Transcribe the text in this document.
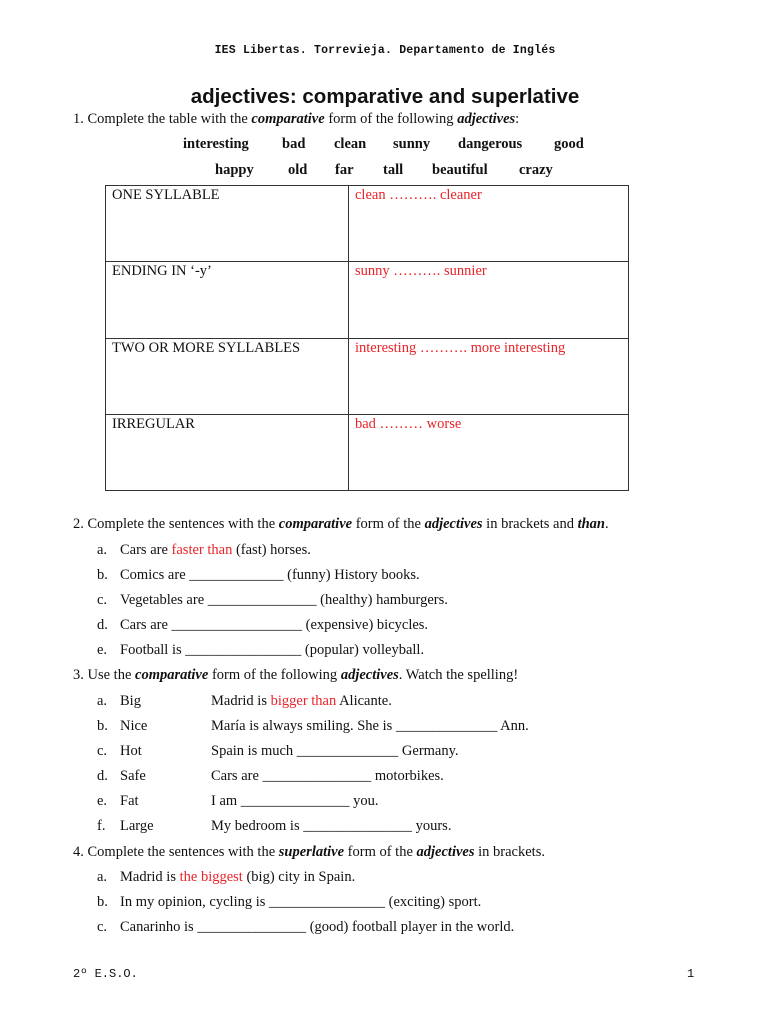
IES Libertas. Torrevieja. Departamento de Inglés
adjectives: comparative and superlative
1. Complete the table with the comparative form of the following adjectives:
interesting bad clean sunny dangerous good
happy old far tall beautiful crazy
ONE SYLLABLE	clean ………. cleaner
ENDING IN ‘-y’	sunny ………. sunnier
TWO OR MORE SYLLABLES	interesting ………. more interesting
IRREGULAR	bad ……… worse
2. Complete the sentences with the comparative form of the adjectives in brackets and than.
a. Cars are faster than (fast) horses.
b. Comics are _____________ (funny) History books.
c. Vegetables are _______________ (healthy) hamburgers.
d. Cars are __________________ (expensive) bicycles.
e. Football is ________________ (popular) volleyball.
3. Use the comparative form of the following adjectives. Watch the spelling!
a. Big	Madrid is bigger than Alicante.
b. Nice	María is always smiling. She is ______________ Ann.
c. Hot	Spain is much ______________ Germany.
d. Safe	Cars are _______________ motorbikes.
e. Fat	I am _______________ you.
f. Large	My bedroom is _______________ yours.
4. Complete the sentences with the superlative form of the adjectives in brackets.
a. Madrid is the biggest (big) city in Spain.
b. In my opinion, cycling is ________________ (exciting) sport.
c. Canarinho is _______________ (good) football player in the world.
2º E.S.O.	1
